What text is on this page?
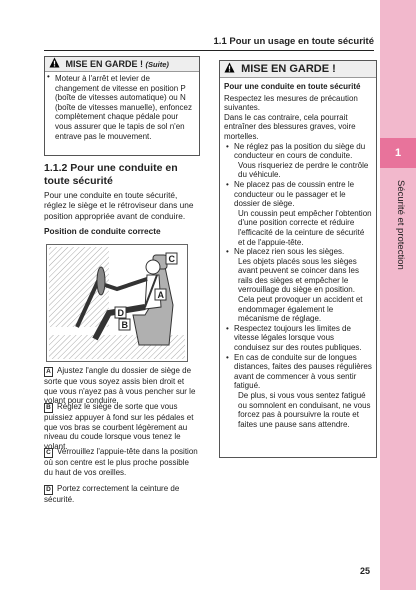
1.1 Pour un usage en toute sécurité
1
Sécurité et protection
MISE EN GARDE ! (Suite)
• Moteur à l'arrêt et levier de changement de vitesse en position P (boîte de vitesses automatique) ou N (boîte de vitesses manuelle), enfoncez complètement chaque pédale pour vous assurer que le tapis de sol n'en entrave pas le mouvement.
1.1.2 Pour une conduite en toute sécurité
Pour une conduite en toute sécurité, réglez le siège et le rétroviseur dans une position appropriée avant de conduire.
Position de conduite correcte
C
A
D
B
A Ajustez l'angle du dossier de siège de sorte que vous soyez assis bien droit et que vous n'ayez pas à vous pencher sur le volant pour conduire.
B Réglez le siège de sorte que vous puissiez appuyer à fond sur les pédales et que vos bras se courbent légèrement au niveau du coude lorsque vous tenez le volant.
C Verrouillez l'appuie-tête dans la position où son centre est le plus proche possible du haut de vos oreilles.
D Portez correctement la ceinture de sécurité.
MISE EN GARDE !
Pour une conduite en toute sécurité
Respectez les mesures de précaution suivantes.
Dans le cas contraire, cela pourrait entraîner des blessures graves, voire mortelles.
• Ne réglez pas la position du siège du conducteur en cours de conduite.
Vous risqueriez de perdre le contrôle du véhicule.
• Ne placez pas de coussin entre le conducteur ou le passager et le dossier de siège.
Un coussin peut empêcher l'obtention d'une position correcte et réduire l'efficacité de la ceinture de sécurité et de l'appuie-tête.
• Ne placez rien sous les sièges.
Les objets placés sous les sièges avant peuvent se coincer dans les rails des sièges et empêcher le verrouillage du siège en position. Cela peut provoquer un accident et endommager également le mécanisme de réglage.
• Respectez toujours les limites de vitesse légales lorsque vous conduisez sur des routes publiques.
• En cas de conduite sur de longues distances, faites des pauses régulières avant de commencer à vous sentir fatigué.
De plus, si vous vous sentez fatigué ou somnolent en conduisant, ne vous forcez pas à poursuivre la route et faites une pause sans attendre.
25
